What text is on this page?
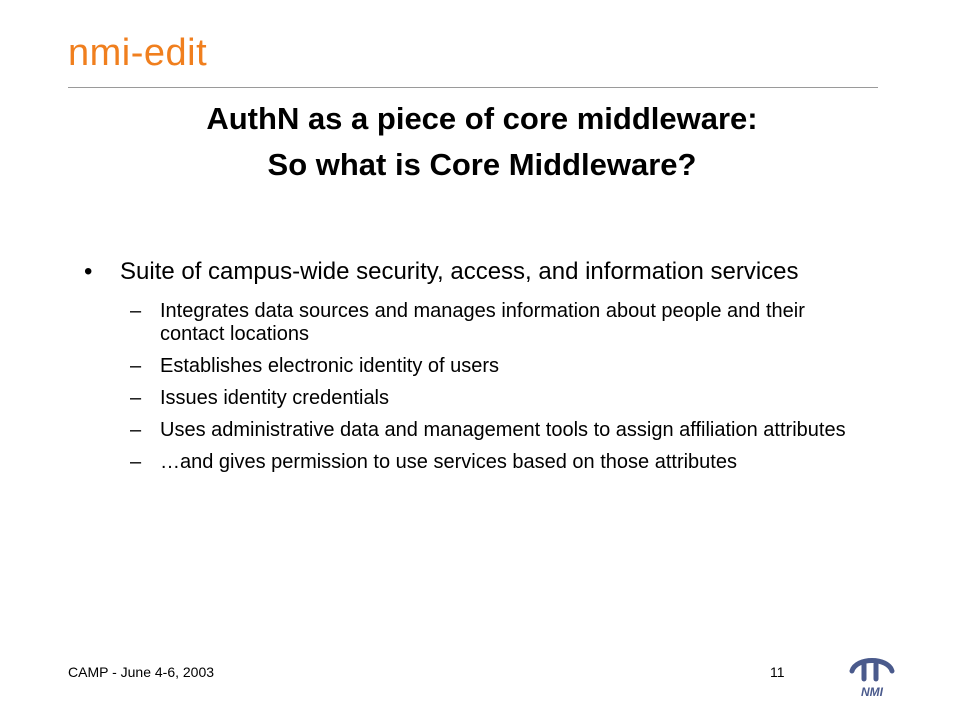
nmi-edit
AuthN as a piece of core middleware:
So what is Core Middleware?
• Suite of campus-wide security, access, and information services
– Integrates data sources and manages information about people and their contact locations
– Establishes electronic identity of users
– Issues identity credentials
– Uses administrative data and management tools to assign affiliation attributes
– …and gives permission to use services based on those attributes
CAMP - June 4-6, 2003	11
NMI
